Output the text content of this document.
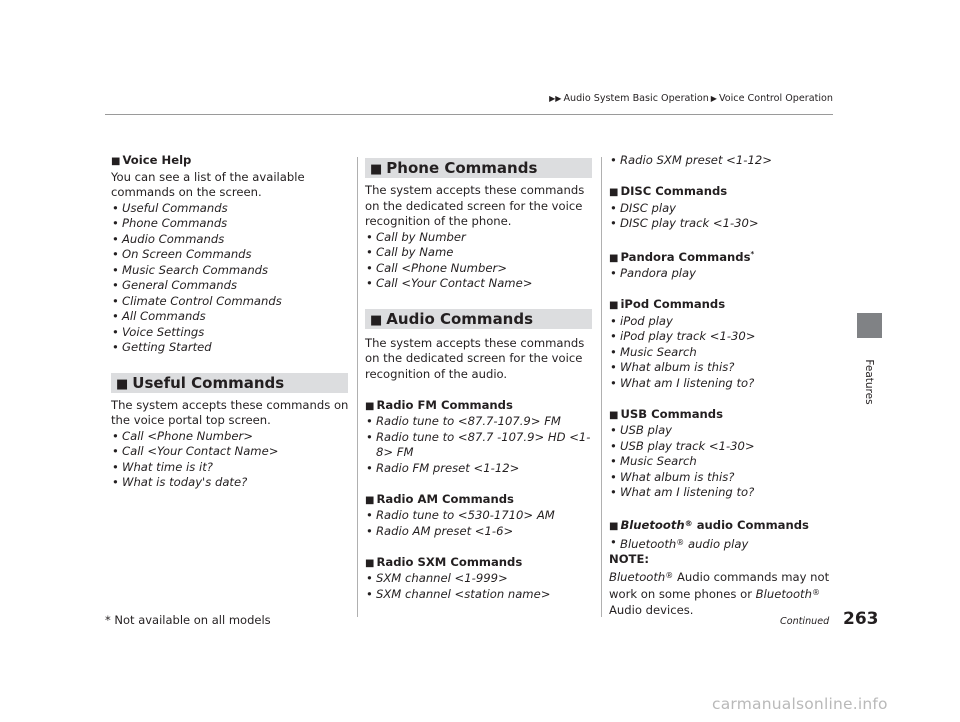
▶▶ Audio System Basic Operation ▶ Voice Control Operation
Features
■ Useful Commands
■ Phone Commands
■ Audio Commands
■ Voice Help

You can see a list of the available commands on the screen.

• Useful Commands
• Phone Commands
• Audio Commands
• On Screen Commands
• Music Search Commands
• General Commands
• Climate Control Commands
• All Commands
• Voice Settings
• Getting Started

The system accepts these commands on the voice portal top screen.

• Call <Phone Number>
• Call <Your Contact Name>
• What time is it?
• What is today's date?

The system accepts these commands on the dedicated screen for the voice recognition of the phone.

• Call by Number
• Call by Name
• Call <Phone Number>
• Call <Your Contact Name>

The system accepts these commands on the dedicated screen for the voice recognition of the audio.

■ Radio FM Commands
• Radio tune to <87.7-107.9> FM
• Radio tune to <87.7 -107.9> HD <1-8> FM
• Radio FM preset <1-12>
■ Radio AM Commands
• Radio tune to <530-1710> AM
• Radio AM preset <1-6>
■ Radio SXM Commands
• SXM channel <1-999>
• SXM channel <station name>
• Radio SXM preset <1-12>
■ DISC Commands
• DISC play
• DISC play track <1-30>
■ Pandora Commands*
• Pandora play
■ iPod Commands
• iPod play
• iPod play track <1-30>
• Music Search
• What album is this?
• What am I listening to?
■ USB Commands
• USB play
• USB play track <1-30>
• Music Search
• What album is this?
• What am I listening to?
■ Bluetooth® audio Commands
• Bluetooth® audio play
NOTE:

Bluetooth® Audio commands may not work on some phones or Bluetooth® Audio devices.

* Not available on all models	Continued 263
carmanualsonline.info
